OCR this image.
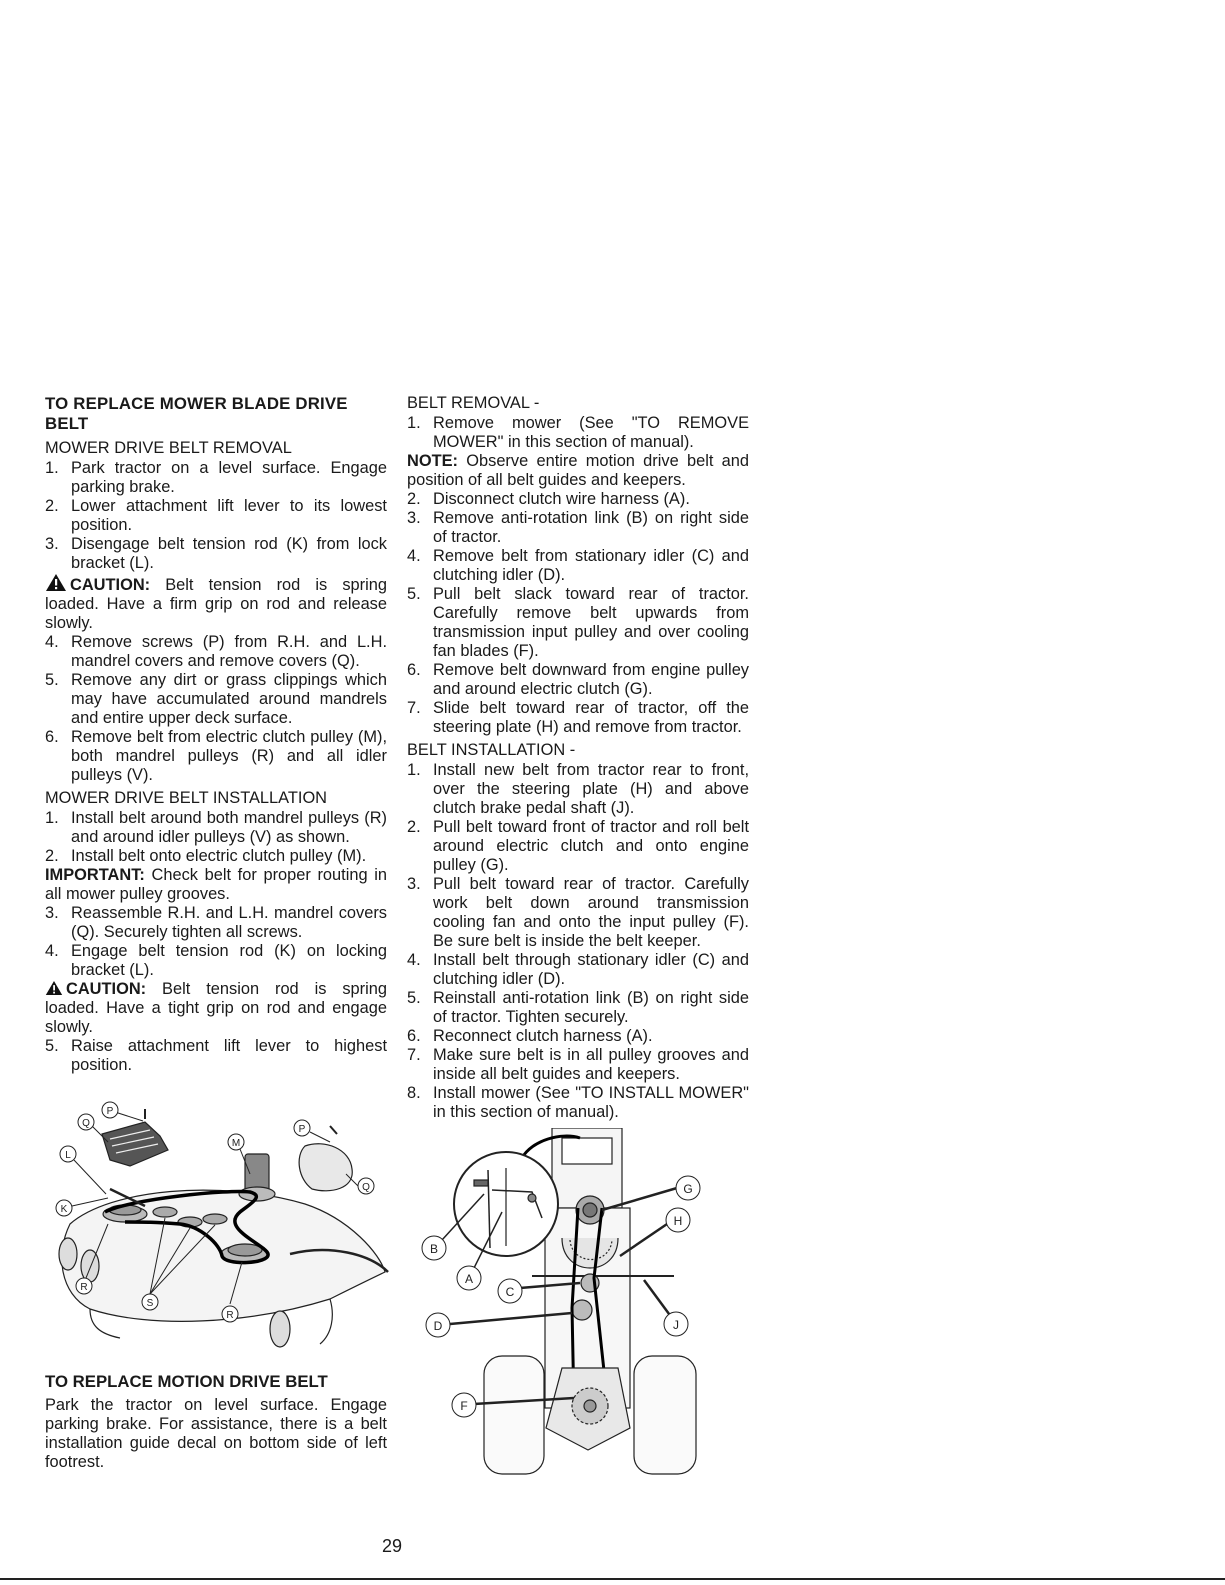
TO REPLACE MOWER BLADE DRIVE BELT
MOWER DRIVE BELT REMOVAL
1. Park tractor on a level surface. Engage parking brake.
2. Lower attachment lift lever to its lowest position.
3. Disengage belt tension rod (K) from lock bracket (L).

CAUTION: Belt tension rod is spring loaded. Have a firm grip on rod and release slowly.

4. Remove screws (P) from R.H. and L.H. mandrel covers and remove covers (Q).
5. Remove any dirt or grass clippings which may have accumulated around mandrels and entire upper deck surface.
6. Remove belt from electric clutch pulley (M), both mandrel pulleys (R) and all idler pulleys (V).
MOWER DRIVE BELT INSTALLATION
1. Install belt around both mandrel pulleys (R) and around idler pulleys (V) as shown.
2. Install belt onto electric clutch pulley (M).

IMPORTANT: Check belt for proper routing in all mower pulley grooves.

3. Reassemble R.H. and L.H. mandrel covers (Q). Securely tighten all screws.
4. Engage belt tension rod (K) on locking bracket (L).

CAUTION: Belt tension rod is spring loaded. Have a tight grip on rod and engage slowly.

5. Raise attachment lift lever to highest position.
BELT REMOVAL -
1. Remove mower (See "TO REMOVE MOWER" in this section of manual).

NOTE: Observe entire motion drive belt and position of all belt guides and keepers.

2. Disconnect clutch wire harness (A).
3. Remove anti-rotation link (B) on right side of tractor.
4. Remove belt from stationary idler (C) and clutching idler (D).
5. Pull belt slack toward rear of tractor. Carefully remove belt upwards from transmission input pulley and over cooling fan blades (F).
6. Remove belt downward from engine pulley and around electric clutch (G).
7. Slide belt toward rear of tractor, off the steering plate (H) and remove from tractor.
BELT INSTALLATION -
1. Install new belt from tractor rear to front, over the steering plate (H) and above clutch brake pedal shaft (J).
2. Pull belt toward front of tractor and roll belt around electric clutch and onto engine pulley (G).
3. Pull belt toward rear of tractor. Carefully work belt down around transmission cooling fan and onto the input pulley (F). Be sure belt is inside the belt keeper.
4. Install belt through stationary idler (C) and clutching idler (D).
5. Reinstall anti-rotation link (B) on right side of tractor. Tighten securely.
6. Reconnect clutch harness (A).
7. Make sure belt is in all pulley grooves and inside all belt guides and keepers.
8. Install mower (See "TO INSTALL MOWER" in this section of manual).
P
Q
L
M
P
Q
K
R
S
R
G
H
B
A
C
J
D
F
TO REPLACE MOTION DRIVE BELT

Park the tractor on level surface. Engage parking brake. For assistance, there is a belt installation guide decal on bottom side of left footrest.

29
